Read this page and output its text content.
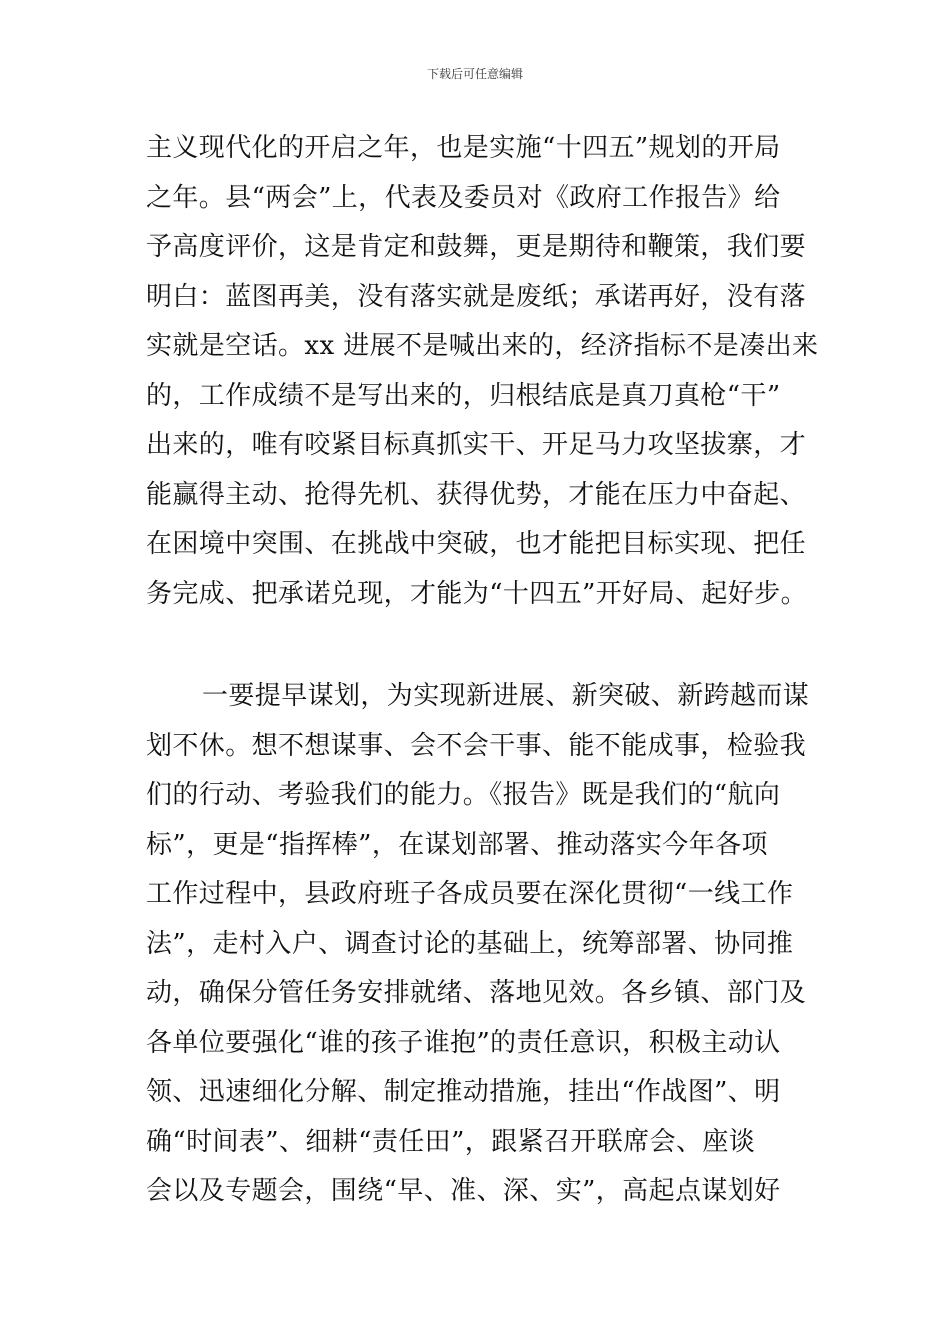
下载后可任意编辑
主义现代化的开启之年，也是实施“十四五”规划的开局
之年。县“两会”上，代表及委员对《政府工作报告》给
予高度评价，这是肯定和鼓舞，更是期待和鞭策，我们要
明白：蓝图再美，没有落实就是废纸；承诺再好，没有落
实就是空话。xx 进展不是喊出来的，经济指标不是凑出来
的，工作成绩不是写出来的，归根结底是真刀真枪“干”
出来的，唯有咬紧目标真抓实干、开足马力攻坚拔寨，才
能赢得主动、抢得先机、获得优势，才能在压力中奋起、
在困境中突围、在挑战中突破，也才能把目标实现、把任
务完成、把承诺兑现，才能为“十四五”开好局、起好步。
一要提早谋划，为实现新进展、新突破、新跨越而谋
划不休。想不想谋事、会不会干事、能不能成事，检验我
们的行动、考验我们的能力。《报告》既是我们的“航向
标”，更是“指挥棒”，在谋划部署、推动落实今年各项
工作过程中，县政府班子各成员要在深化贯彻“一线工作
法”，走村入户、调查讨论的基础上，统筹部署、协同推
动，确保分管任务安排就绪、落地见效。各乡镇、部门及
各单位要强化“谁的孩子谁抱”的责任意识，积极主动认
领、迅速细化分解、制定推动措施，挂出“作战图”、明
确“时间表”、细耕“责任田”，跟紧召开联席会、座谈
会以及专题会，围绕“早、准、深、实”，高起点谋划好
